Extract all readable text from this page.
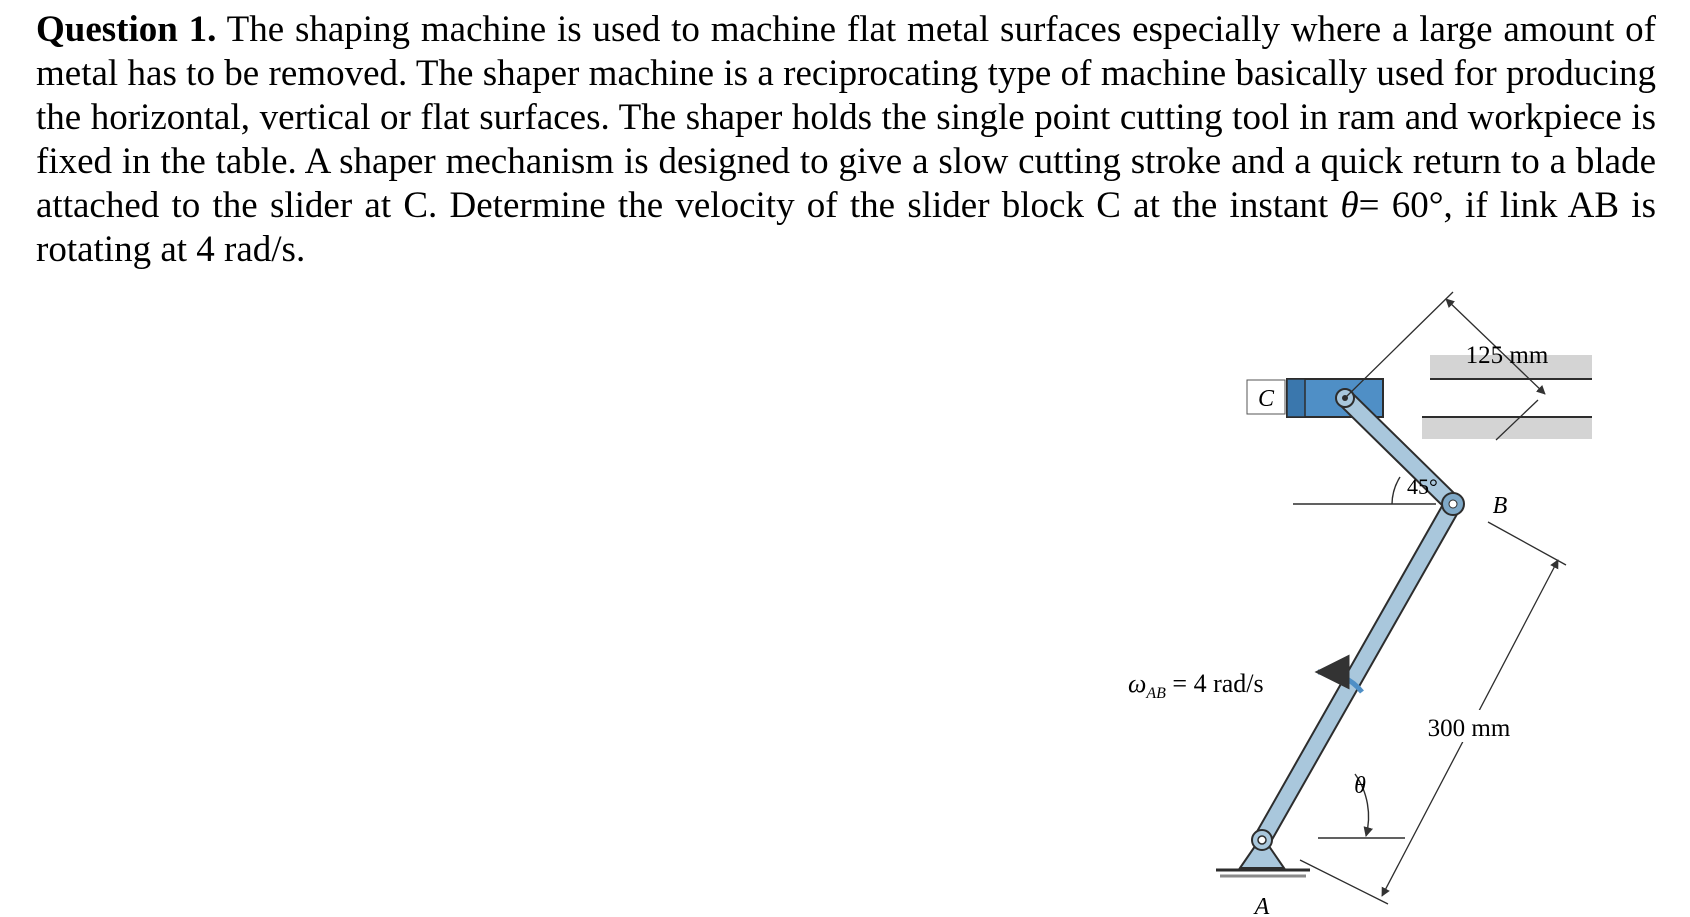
Question 1. The shaping machine is used to machine flat metal surfaces especially where a large amount of metal has to be removed. The shaper machine is a reciprocating type of machine basically used for producing the horizontal, vertical or flat surfaces. The shaper holds the single point cutting tool in ram and workpiece is fixed in the table. A shaper mechanism is designed to give a slow cutting stroke and a quick return to a blade attached to the slider at C. Determine the velocity of the slider block C at the instant θ= 60°, if link AB is rotating at 4 rad/s.
C
A
45°
B
θ
$\omega_{AB} = 4$ rad/s
125 mm
300 mm
